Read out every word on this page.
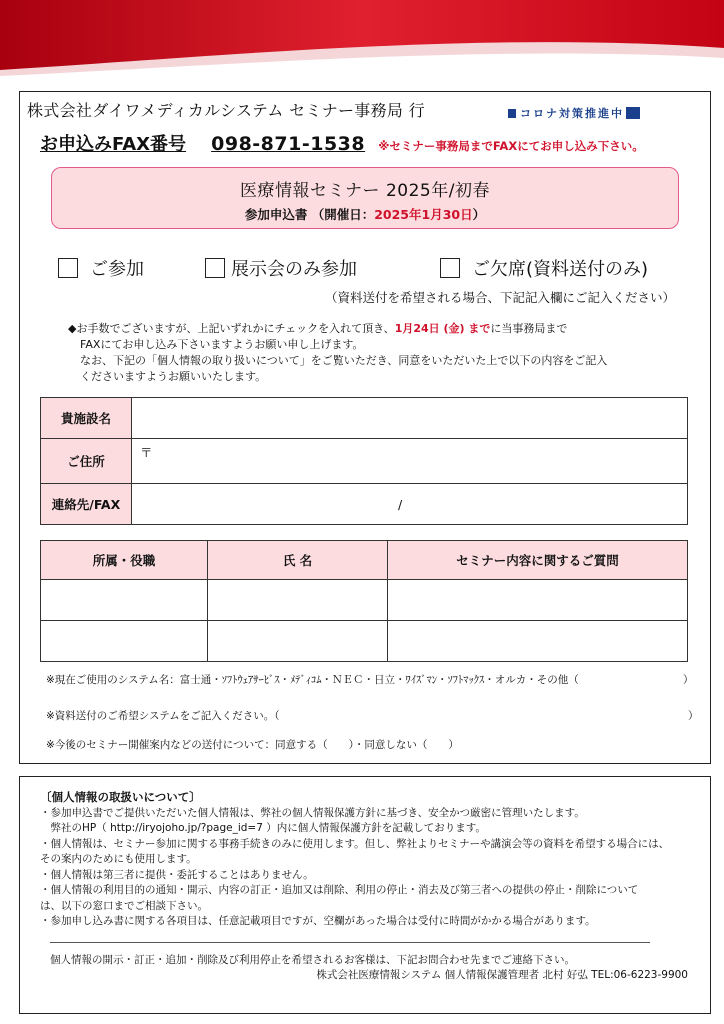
株式会社ダイワメディカルシステム セミナー事務局 行	コロナ対策推進中
お申込みFAX番号 098-871-1538 ※セミナー事務局までFAXにてお申し込み下さい。
医療情報セミナー 2025年/初春
参加申込書 （開催日：2025年1月30日）
ご参加	展示会のみ参加	ご欠席(資料送付のみ)
（資料送付を希望される場合、下記記入欄にご記入ください）
◆お手数でございますが、上記いずれかにチェックを入れて頂き、1月24日 (金) までに当事務局まで
FAXにてお申し込み下さいますようお願い申し上げます。
なお、下記の「個人情報の取り扱いについて」をご覧いただき、同意をいただいた上で以下の内容をご記入
くださいますようお願いいたします。
貴施設名	
ご住所	〒
連絡先/FAX	/
所属・役職	氏 名	セミナー内容に関するご質問

※現在ご使用のシステム名：富士通・ｿﾌﾄｳｪｱｻｰﾋﾞｽ・ﾒﾃﾞｨｺﾑ・ＮＥＣ・日立・ﾜｲｽﾞﾏﾝ・ｿﾌﾄﾏｯｸｽ・オルカ・その他（	）
※資料送付のご希望システムをご記入ください。（	）
※今後のセミナー開催案内などの送付について：同意する（　　）・同意しない（　　）
〔個人情報の取扱いについて〕
・参加申込書でご提供いただいた個人情報は、弊社の個人情報保護方針に基づき、安全かつ厳密に管理いたします。
　弊社のHP（ http://iryojoho.jp/?page_id=7 ）内に個人情報保護方針を記載しております。
・個人情報は、セミナー参加に関する事務手続きのみに使用します。但し、弊社よりセミナーや講演会等の資料を希望する場合には、
その案内のためにも使用します。
・個人情報は第三者に提供・委託することはありません。
・個人情報の利用目的の通知・開示、内容の訂正・追加又は削除、利用の停止・消去及び第三者への提供の停止・削除について
は、以下の窓口までご相談下さい。
・参加申し込み書に関する各項目は、任意記載項目ですが、空欄があった場合は受付に時間がかかる場合があります。
個人情報の開示・訂正・追加・削除及び利用停止を希望されるお客様は、下記お問合わせ先までご連絡下さい。
株式会社医療情報システム 個人情報保護管理者 北村 好弘 TEL:06-6223-9900
